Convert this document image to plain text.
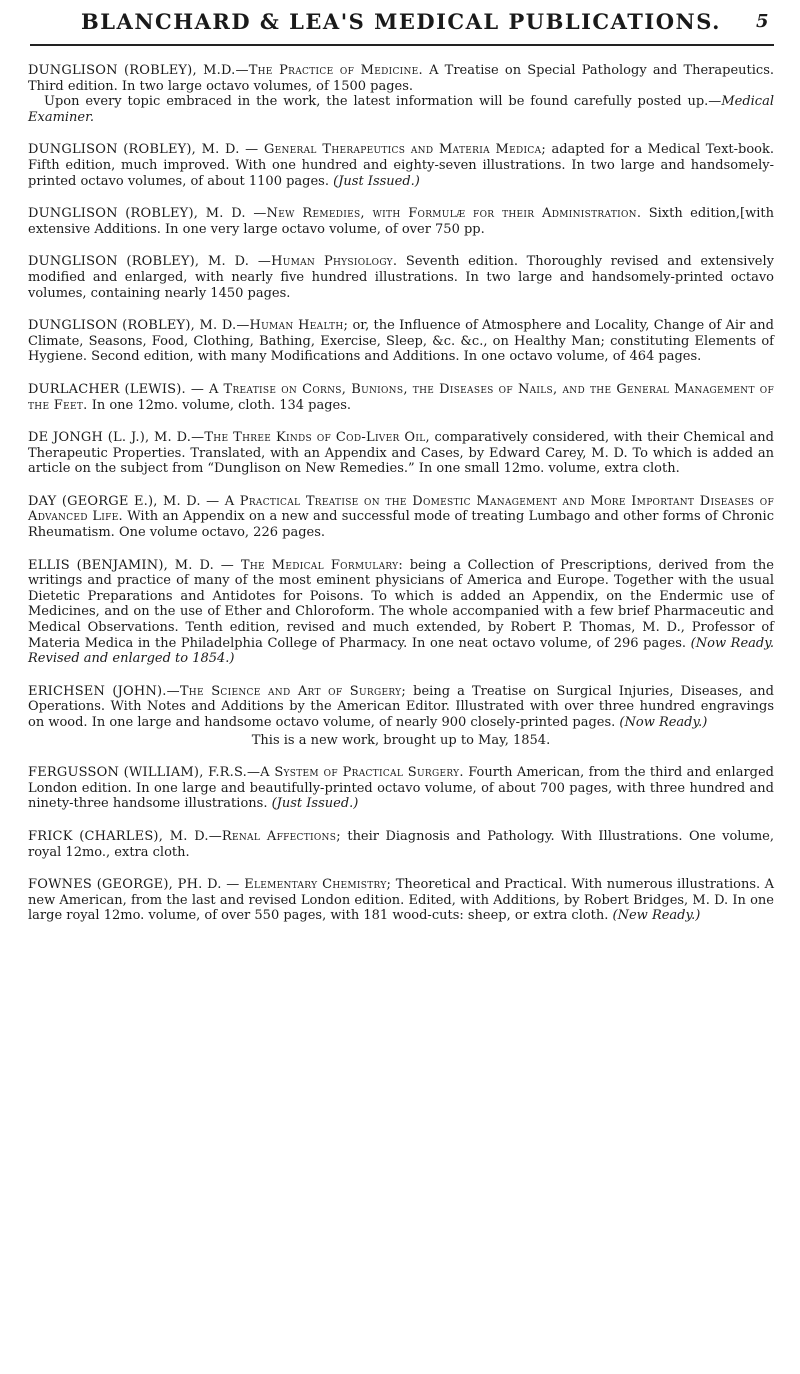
BLANCHARD & LEA'S MEDICAL PUBLICATIONS. 5

DUNGLISON (ROBLEY), M.D.—The Practice of Medicine. A Treatise on Special Pathology and Therapeutics. Third edition. In two large octavo volumes, of 1500 pages.

Upon every topic embraced in the work, the latest information will be found carefully posted up.—Medical Examiner.

DUNGLISON (ROBLEY), M. D. — General Therapeutics and Materia Medica; adapted for a Medical Text-book. Fifth edition, much improved. With one hundred and eighty-seven illustrations. In two large and handsomely-printed octavo volumes, of about 1100 pages. (Just Issued.)

DUNGLISON (ROBLEY), M. D. —New Remedies, with Formulæ for their Administration. Sixth edition,[with extensive Additions. In one very large octavo volume, of over 750 pp.

DUNGLISON (ROBLEY), M. D. —Human Physiology. Seventh edition. Thoroughly revised and extensively modified and enlarged, with nearly five hundred illustrations. In two large and handsomely-printed octavo volumes, containing nearly 1450 pages.

DUNGLISON (ROBLEY), M. D.—Human Health; or, the Influence of Atmosphere and Locality, Change of Air and Climate, Seasons, Food, Clothing, Bathing, Exercise, Sleep, &c. &c., on Healthy Man; constituting Elements of Hygiene. Second edition, with many Modifications and Additions. In one octavo volume, of 464 pages.

DURLACHER (LEWIS). — A Treatise on Corns, Bunions, the Diseases of Nails, and the General Management of the Feet. In one 12mo. volume, cloth. 134 pages.

DE JONGH (L. J.), M. D.—The Three Kinds of Cod-Liver Oil, comparatively considered, with their Chemical and Therapeutic Properties. Translated, with an Appendix and Cases, by Edward Carey, M. D. To which is added an article on the subject from “Dunglison on New Remedies.” In one small 12mo. volume, extra cloth.

DAY (GEORGE E.), M. D. — A Practical Treatise on the Domestic Management and More Important Diseases of Advanced Life. With an Appendix on a new and successful mode of treating Lumbago and other forms of Chronic Rheumatism. One volume octavo, 226 pages.

ELLIS (BENJAMIN), M. D. — The Medical Formulary: being a Collection of Prescriptions, derived from the writings and practice of many of the most eminent physicians of America and Europe. Together with the usual Dietetic Preparations and Antidotes for Poisons. To which is added an Appendix, on the Endermic use of Medicines, and on the use of Ether and Chloroform. The whole accompanied with a few brief Pharmaceutic and Medical Observations. Tenth edition, revised and much extended, by Robert P. Thomas, M. D., Professor of Materia Medica in the Philadelphia College of Pharmacy. In one neat octavo volume, of 296 pages. (Now Ready. Revised and enlarged to 1854.)

ERICHSEN (JOHN).—The Science and Art of Surgery; being a Treatise on Surgical Injuries, Diseases, and Operations. With Notes and Additions by the American Editor. Illustrated with over three hundred engravings on wood. In one large and handsome octavo volume, of nearly 900 closely-printed pages. (Now Ready.)

This is a new work, brought up to May, 1854.

FERGUSSON (WILLIAM), F.R.S.—A System of Practical Surgery. Fourth American, from the third and enlarged London edition. In one large and beautifully-printed octavo volume, of about 700 pages, with three hundred and ninety-three handsome illustrations. (Just Issued.)

FRICK (CHARLES), M. D.—Renal Affections; their Diagnosis and Pathology. With Illustrations. One volume, royal 12mo., extra cloth.

FOWNES (GEORGE), PH. D. — Elementary Chemistry; Theoretical and Practical. With numerous illustrations. A new American, from the last and revised London edition. Edited, with Additions, by Robert Bridges, M. D. In one large royal 12mo. volume, of over 550 pages, with 181 wood-cuts: sheep, or extra cloth. (New Ready.)
